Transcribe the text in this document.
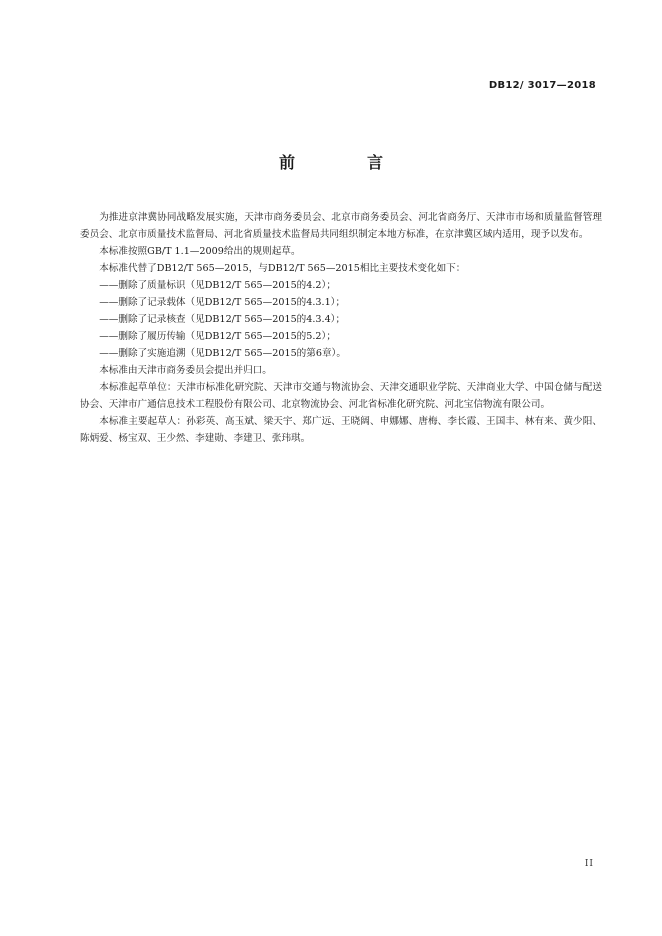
DB12/ 3017—2018
前　言

为推进京津冀协同战略发展实施，天津市商务委员会、北京市商务委员会、河北省商务厅、天津市市场和质量监督管理委员会、北京市质量技术监督局、河北省质量技术监督局共同组织制定本地方标准，在京津冀区域内适用，现予以发布。

本标准按照GB/T 1.1—2009给出的规则起草。

本标准代替了DB12/T 565—2015，与DB12/T 565—2015相比主要技术变化如下：

——删除了质量标识（见DB12/T 565—2015的4.2）；

——删除了记录载体（见DB12/T 565—2015的4.3.1）；

——删除了记录核查（见DB12/T 565—2015的4.3.4）；

——删除了履历传输（见DB12/T 565—2015的5.2）；

——删除了实施追溯（见DB12/T 565—2015的第6章）。

本标准由天津市商务委员会提出并归口。

本标准起草单位：天津市标准化研究院、天津市交通与物流协会、天津交通职业学院、天津商业大学、中国仓储与配送协会、天津市广通信息技术工程股份有限公司、北京物流协会、河北省标准化研究院、河北宝信物流有限公司。

本标准主要起草人：孙彩英、高玉斌、梁天宇、郑广远、王晓阔、申娜娜、唐梅、李长霞、王国丰、林有来、黄少阳、陈炳爱、杨宝双、王少然、李建勋、李建卫、张玮琪。

II
